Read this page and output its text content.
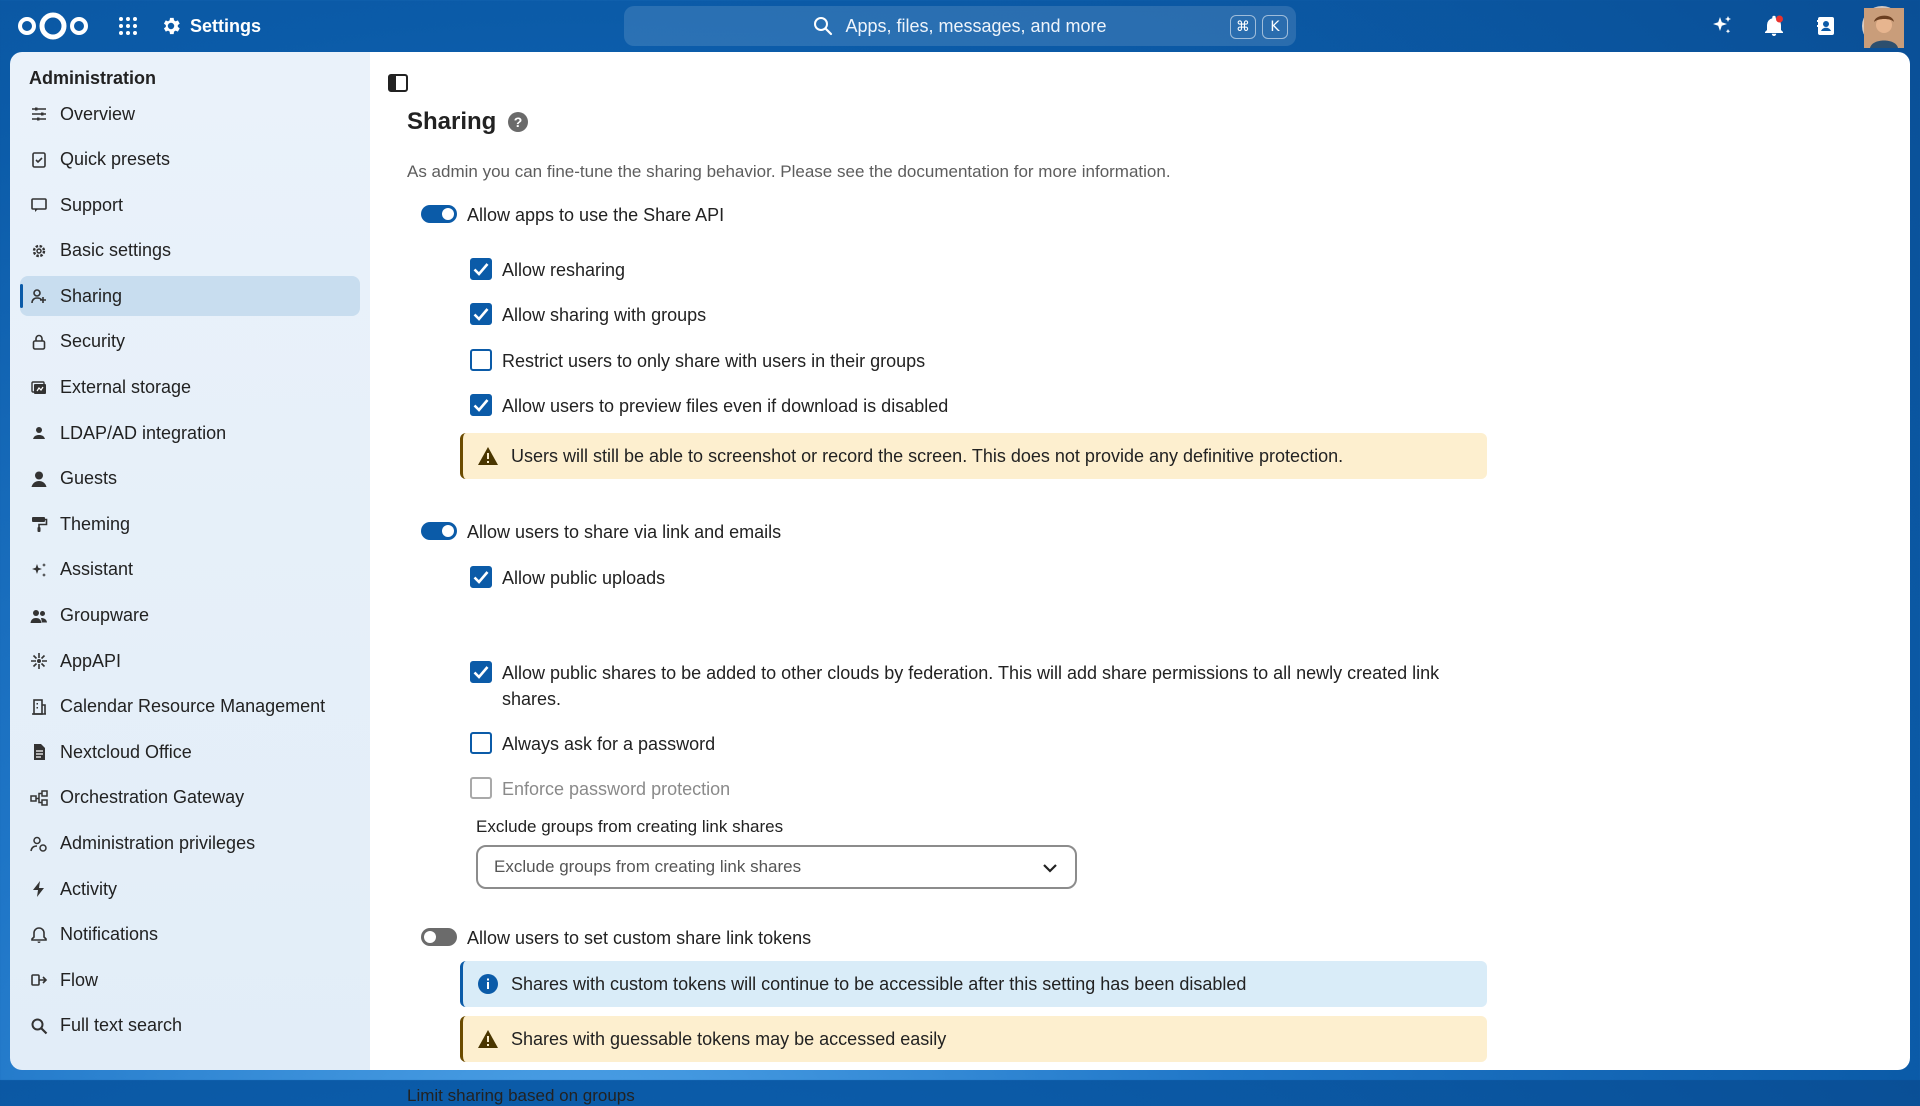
Settings	Apps, files, messages, and more	⌘	K
Administration
Overview
Quick presets
Support
Basic settings
Sharing
Security
External storage
LDAP/AD integration
Guests
Theming
Assistant
Groupware
AppAPI
Calendar Resource Management
Nextcloud Office
Orchestration Gateway
Administration privileges
Activity
Notifications
Flow
Full text search
Sharing ?
As admin you can fine-tune the sharing behavior. Please see the documentation for more information.
Allow apps to use the Share API
Allow resharing
Allow sharing with groups
Restrict users to only share with users in their groups
Allow users to preview files even if download is disabled
Users will still be able to screenshot or record the screen. This does not provide any definitive protection.
Allow users to share via link and emails
Allow public uploads
Allow public shares to be added to other clouds by federation. This will add share permissions to all newly created link shares.
Always ask for a password
Enforce password protection
Exclude groups from creating link shares
Exclude groups from creating link shares
Allow users to set custom share link tokens
Shares with custom tokens will continue to be accessible after this setting has been disabled
Shares with guessable tokens may be accessed easily
Limit sharing based on groups
